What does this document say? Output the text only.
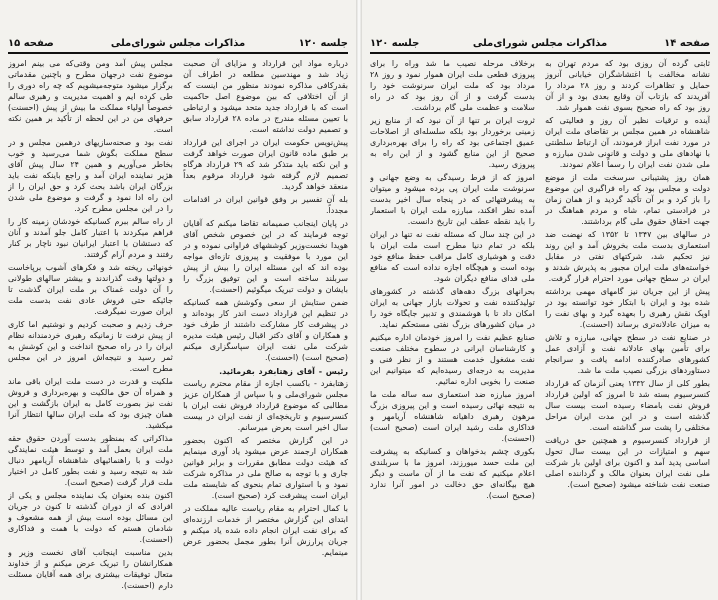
صفحه ۱۵	مذاکرات مجلس شورای‌ملی	جلسه ۱۲۰

درباره مواد این قرارداد و مزایای آن صحبت زیاد شد و مهندسین مطلعه در اطراف آن بقدرکافی مذاکره نمودند منظور من اینست که از آن اختلافی که بین موضوع اصل حاکمیت است که با قرارداد جدید متحد میشود و ارتباطی با تعیین مسئله مندرج در ماده ۲۸ قرارداد سابق و تصمیم دولت نداشته است.

پیش‌نویس حکومت ایران در اجرای این قرارداد بر طبق ماده قانون ایران صورت خواهد گرفت و این نکته باید متذکر شد که ۲۹ قرارداد هرگاه تصمیم لازم گرفته شود قرارداد مرقوم بعداً منعقد خواهد گردید.

بله آن تفسیر بر وفق قوانین ایران در اقدامات مجدداً.

در پایان اینجانب صمیمانه تقاضا میکنم که آقایان توجه فرمایند که در این خصوص شخص آقای هویدا نخست‌وزیر کوششهای فراوانی نموده و در این مورد با موفقیت و پیروزی تازه‌ای مواجه بوده اند که این مسئله ایران را بیش از پیش سربلند ساخته است و این توفیق بزرگ را بایشان و دولت تبریک میگوئیم (احسنت).

ضمن ستایش از سعی وکوشش همه کسانیکه در تنظیم این قرارداد دست اندر کار بوده‌اند و در پیشرفت کار مشارکت داشتند از طرف خود و همکاران و آقای دکتر اقبال رئیس هیئت مدیره شرکت ملی نفت ایران سپاسگزاری میکنم (صحیح است) (احسنت).

رئیس - آقای زهتابفرد بفرمائید.

زهتابفرد - باکسب اجازه از مقام محترم ریاست مجلس شورای‌ملی و با سپاس از همکاران عزیز مطالبی که موضوع قرارداد فروش نفت ایران با کنسرسیوم و تاریخچه‌ای از نفت ایران در بیست سال اخیر است بعرض میرسانم.

در این گزارش مختصر که اکنون بحضور همکاران ارجمند عرض میشود یاد آوری مینمایم که هیئت دولت مطابق مقررات و برابر قوانین جاری و با توجه به صالح ملی در مذاکره شرکت نمود و با استواری تمام بنحوی که شایسته ملت ایران است پیشرفت کرد (صحیح است).

با کمال احترام به مقام ریاست عالیه مملکت در ابتدای این گزارش مختصر از خدمات ارزنده‌ای که برای نفت ایران انجام داده شده یاد میکنم و جریان پرارزش آنرا بطور مجمل بحضور عرض مینمایم.

مجلس پیش آمد ومن وقتی‌که می بینم امروز موضوع نفت درجهان مطرح و باچنین مقدماتی برگزار میشود متوجه‌میشویم که چه راه دوری را طی کرده ایم و اهمیت مدیریت و رهبری سالم خصوصاً اولیاء مملکت ما بیش از پیش (احسنت) حرفهای من در این لحظه از تأکید بر همین نکته است.

نفت بود و صحنه‌سازیهای درهمین مجلس و در سطح مملکت بگوش شما می‌رسید و خوب بخاطر می‌آوریم و همین ۲۴ سال پیش آقای هژیر نماینده ایران آمد و راجع باینکه نفت باید بزرگان ایران باشد بحث کرد و حق ایران را از این راه ادا نمود و گرفت و موضوع ملی شدن را در این مجلس مطرح کرد.

از راه سالم ببرم کسانیکه خودشان زمینه کار را فراهم میکردند با اعتبار کامل جلو آمدند و آنان که دستشان با اعتبار ایرانیان نبود ناچار بر کنار رفتند و مردم آرام گرفتند.

خونهائی ریخته شد و فکرهای آشوب برپاخاست و دولتها وقت گذراندند و بیشتر سالهای طولانی را آن دولت غمناک بر ملت ایران گذشت تا جائیکه حتی فروش عادی نفت بدست ملت ایران صورت نمیگرفت.

حرف زدیم و صحبت کردیم و نوشتیم اما کاری از پیش نرفت تا زمانیکه رهبری خردمندانه نظام ایران را در راه صحیح انداخت و این کوشش به ثمر رسید و نتیجه‌اش امروز در این مجلس مطرح است.

ملکیت و قدرت در دست ملت ایران باقی ماند و همراه آن حق مالکیت و بهره‌برداری و فروش نفت نیز بصورت کامل به ایران بازگشت و این همان چیزی بود که ملت ایران سالها انتظار آنرا میکشید.

مذاکراتی که بمنظور بدست آوردن حقوق حقه ملت ایران بعمل آمد و توسط هیئت نمایندگی دولت و با راهنمائیهای شاهنشاه آریامهر دنبال شد به نتیجه رسید و نفت بطور کامل در اختیار ملت قرار گرفت (صحیح است).

اکنون بنده بعنوان یک نماینده مجلس و یکی از افرادی که از دوران گذشته تا کنون در جریان این مسائل بوده است بیش از همه مشعوف و شادمان هستم که دولت با همت و فداکاری (احسنت).

بدین مناسبت اینجانب آقای نخست وزیر و همکارانشان را تبریک عرض میکنم و از خداوند متعال توفیقات بیشتری برای همه آقایان مسئلت دارم (احسنت).

جلسه ۱۲۰	مذاکرات مجلس شورای‌ملی	صفحه ۱۴

ثابتی گرده آن روزی بود که مردم تهران به نشانه مخالفت با اغتشاشگران خیابانی آنروز حمایل و تظاهرات کردند و روز ۲۸ مرداد را آفریدند که بازتاب آن وقایع بعدی بود و از آن روز بود که راه صحیح بسوی نفت هموار شد.

آینده و ترقیات نظیر آن روز و فعالیتی که شاهنشاه در همین مجلس بر تقاضای ملت ایران در مورد نفت ابراز فرمودند، آن ارتباط سلطنتی با نهادهای ملی و دولت و قانونی شدن مبارزه و ملی شدن نفت ایران را رسماً اعلام نمودند.

همان روز پشتیبانی سرسخت ملت از موضع دولت و مجلس بود که راه فراگیری این موضوع را باز کرد و بر آن تأکید گردید و از همان زمان در فرادستی تمام، شاه و مردم هماهنگ در جهت احقاق حقوق ملی گام برداشتند.

در سالهای بین ۱۳۴۷ تا ۱۳۵۲ که نهضت ضد استعماری بدست ملت بخروش آمد و این روند نیز تحکیم شد، شرکتهای نفتی در مقابل خواسته‌های ملت ایران مجبور به پذیرش شدند و ایران در سطح جهانی مورد احترام قرار گرفت.

پیش از این جریان نیز گامهای مهمی برداشته شده بود و ایران با ابتکار خود توانسته بود در اوپک نقش رهبری را بعهده گیرد و بهای نفت را به میزان عادلانه‌تری برساند (احسنت).

در صنایع نفت در سطح جهانی، مبارزه و تلاش برای تأمین بهای عادلانه نفت و آزادی عمل کشورهای صادرکننده ادامه یافت و سرانجام دستاوردهای بزرگی نصیب ملت ما شد.

بطور کلی از سال ۱۳۳۲ یعنی آنزمان که قرارداد کنسرسیوم بسته شد تا امروز که اولین قرارداد فروش نفت بامضاء رسیده است بیست سال گذشته است و در این مدت ایران مراحل مختلفی را پشت سر گذاشته است.

از قرارداد کنسرسیوم و همچنین حق دریافت سهم و امتیازات در این بیست سال تحول اساسی پدید آمد و اکنون برای اولین بار شرکت ملی نفت ایران بعنوان مالک و گرداننده اصلی صنعت نفت شناخته میشود (صحیح است).

برخلاف مرحله نصیب ما شد وراه را برای پیروزی قطعی ملت ایران هموار نمود و روز ۲۸ مرداد بود که ملت ایران سرنوشت خود را بدست گرفت و از آن روز بود که در راه سلامت و عظمت ملی گام برداشت.

ثروت ایران بر تنها از آن نبود که از منابع زیر زمینی برخوردار بود بلکه سلسله‌ای از اصلاحات عمیق اجتماعی بود که راه را برای بهره‌برداری صحیح از این منابع گشود و از این راه به پیروزی رسید.

امروز که از فرط رسیدگی به وضع جهانی و سرنوشت ملت ایران پی برده میشود و میتوان به پیشرفتهائی که در پنجاه سال اخیر بدست آمده نظر افکند، مبارزه ملت ایران با استعمار را باید نقطه عطف این تاریخ دانست.

در این چند سال که مسئله نفت نه تنها در ایران بلکه در تمام دنیا مطرح است ملت ایران با دقت و هوشیاری کامل مراقب حفظ منافع خود بوده است و هیچگاه اجازه نداده است که منافع ملی فدای منافع دیگران شود.

بحرانهای بزرگ دهه‌های گذشته در کشورهای تولیدکننده نفت و تحولات بازار جهانی به ایران امکان داد تا با هوشمندی و تدبیر جایگاه خود را در میان کشورهای بزرگ نفتی مستحکم نماید.

صنایع عظیم نفت را امروز خودمان اداره میکنیم و کارشناسان ایرانی در سطوح مختلف صنعت نفت مشغول خدمت هستند و از نظر فنی و مدیریت به درجه‌ای رسیده‌ایم که میتوانیم این صنعت را بخوبی اداره نمائیم.

امروز مبارزه ضد استعماری سه ساله ملت ما به نتیجه نهائی رسیده است و این پیروزی بزرگ مرهون رهبری داهیانه شاهنشاه آریامهر و فداکاری ملت رشید ایران است (صحیح است) (احسنت).

بکوری چشم بدخواهان و کسانیکه به پیشرفت این ملت حسد میورزند، امروز ما با سربلندی اعلام میکنیم که نفت ما از آن ماست و دیگر هیچ بیگانه‌ای حق دخالت در امور آنرا ندارد (صحیح است).
